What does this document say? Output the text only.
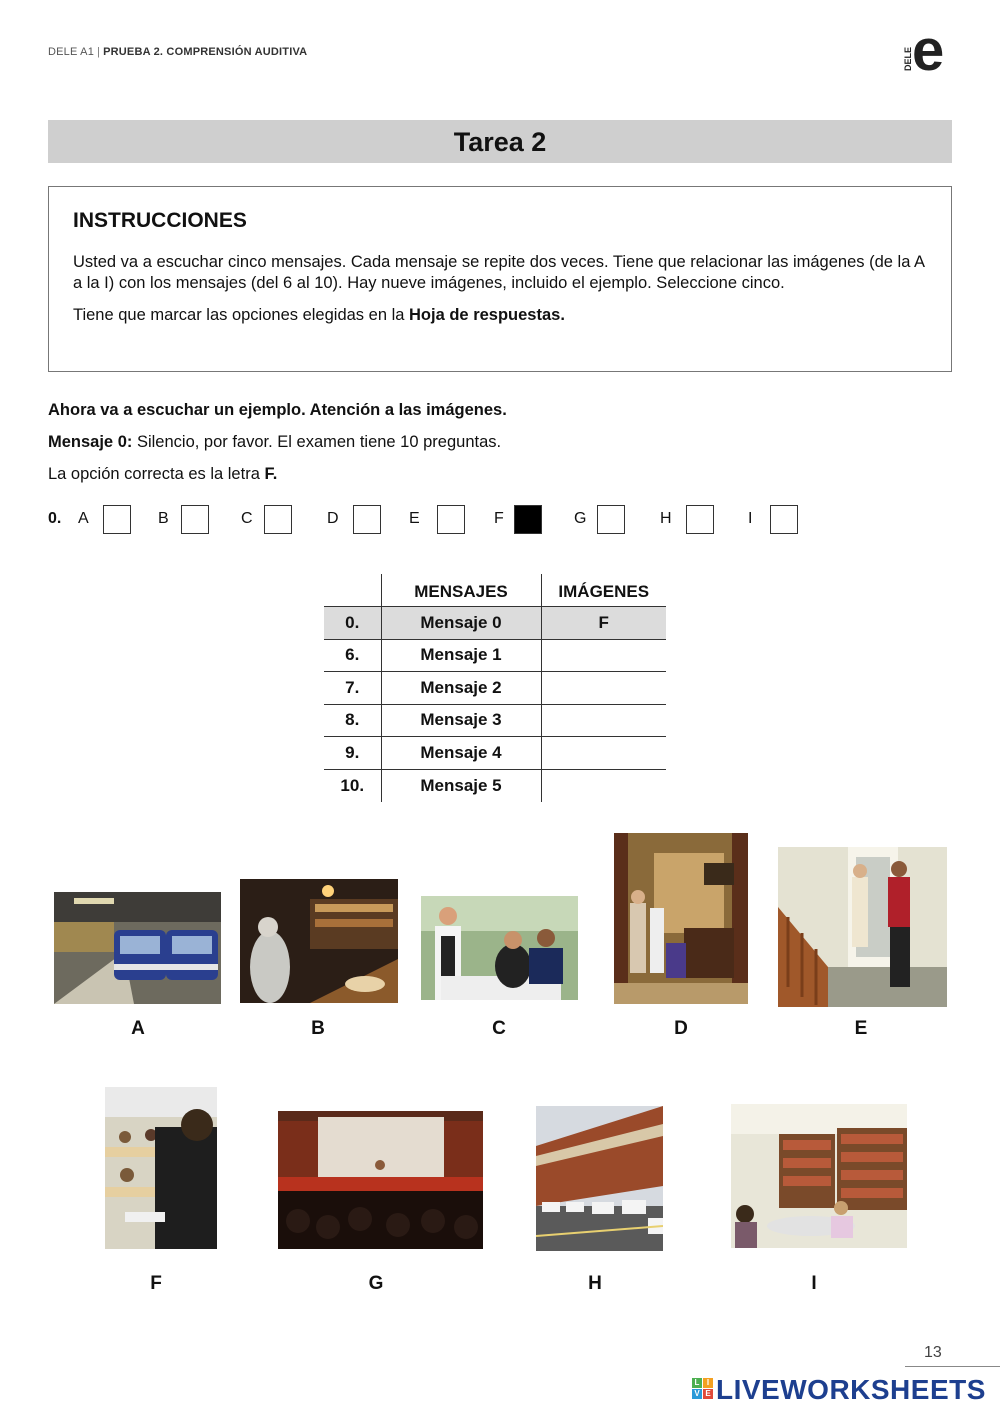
DELE A1 | PRUEBA 2. COMPRENSIÓN AUDITIVA	DELE e
Tarea 2
INSTRUCCIONES
Usted va a escuchar cinco mensajes. Cada mensaje se repite dos veces. Tiene que relacionar las imágenes (de la A a la I) con los mensajes (del 6 al 10). Hay nueve imágenes, incluido el ejemplo. Seleccione cinco.
Tiene que marcar las opciones elegidas en la Hoja de respuestas.
Ahora va a escuchar un ejemplo. Atención a las imágenes.
Mensaje 0: Silencio, por favor. El examen tiene 10 preguntas.
La opción correcta es la letra F.
0. A	B	C	D	E	F	G	H	I
	MENSAJES	IMÁGENES
0.	Mensaje 0	F
6.	Mensaje 1	
7.	Mensaje 2	
8.	Mensaje 3	
9.	Mensaje 4	
10.	Mensaje 5	
A	B	C	D	E
F	G	H	I
13
L I
V E LIVEWORKSHEETS
